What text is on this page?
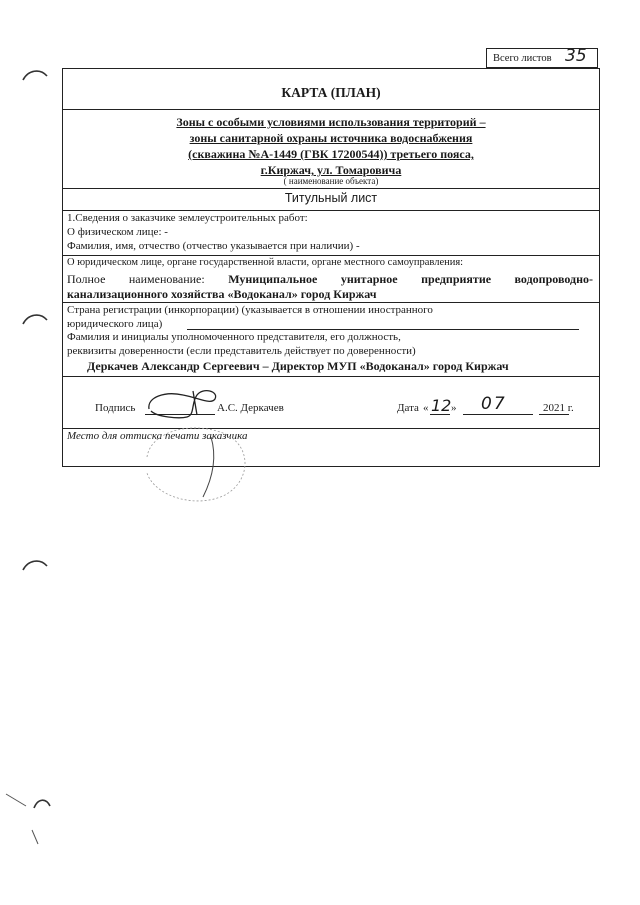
Всего листов 35
КАРТА (ПЛАН)
Зоны с особыми условиями использования территорий –
зоны санитарной охраны источника водоснабжения
(скважина №А-1449 (ГВК 17200544)) третьего пояса,
г.Киржач, ул. Томаровича
( наименование объекта)
Титульный лист
1.Сведения о заказчике землеустроительных работ:
О физическом лице: -
Фамилия, имя, отчество (отчество указывается при наличии) -
О юридическом лице, органе государственной власти, органе местного самоуправления:
Полное наименование: Муниципальное унитарное предприятие водопроводно-
канализационного хозяйства «Водоканал» город Киржач
Страна регистрации (инкорпорации) (указывается в отношении иностранного
юридического лица)
Фамилия и инициалы уполномоченного представителя, его должность,
реквизиты доверенности (если представитель действует по доверенности)
Деркачев Александр Сергеевич – Директор МУП «Водоканал» город Киржач
Подпись	А.С. Деркачев	Дата « 12 » 07	2021 г.
Место для оттиска печати заказчика
